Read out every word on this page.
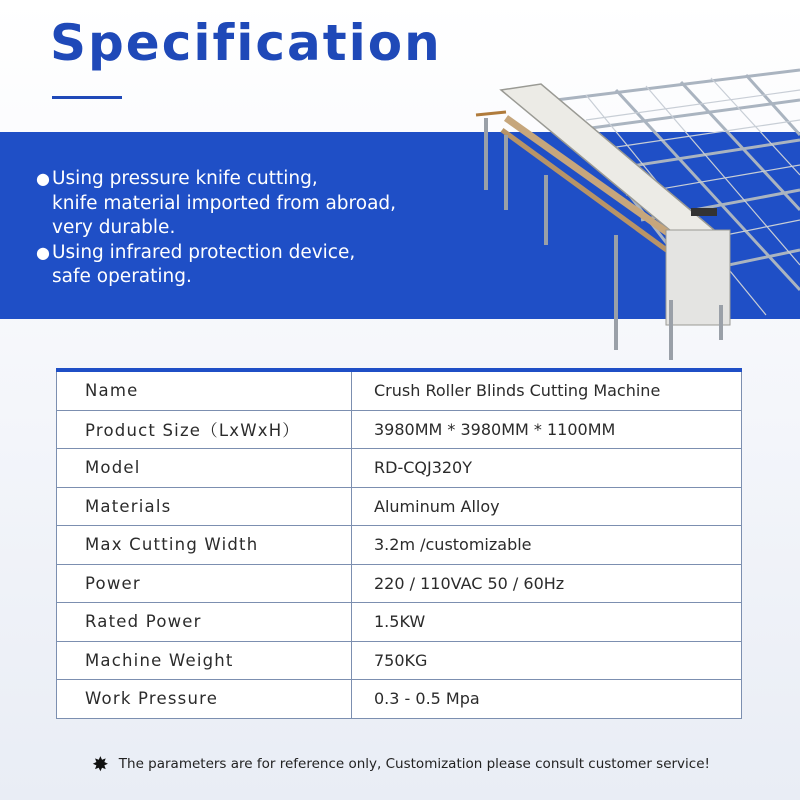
Specification
● Using pressure knife cutting,
knife material imported from abroad,
very durable.
● Using infrared protection device,
safe operating.
Name	Crush Roller Blinds Cutting Machine
Product Size（LxWxH）	3980MM * 3980MM * 1100MM
Model	RD-CQJ320Y
Materials	Aluminum Alloy
Max Cutting Width	3.2m /customizable
Power	220 / 110VAC 50 / 60Hz
Rated Power	1.5KW
Machine Weight	750KG
Work Pressure	0.3 - 0.5 Mpa
✸ The parameters are for reference only, Customization please consult customer service!
